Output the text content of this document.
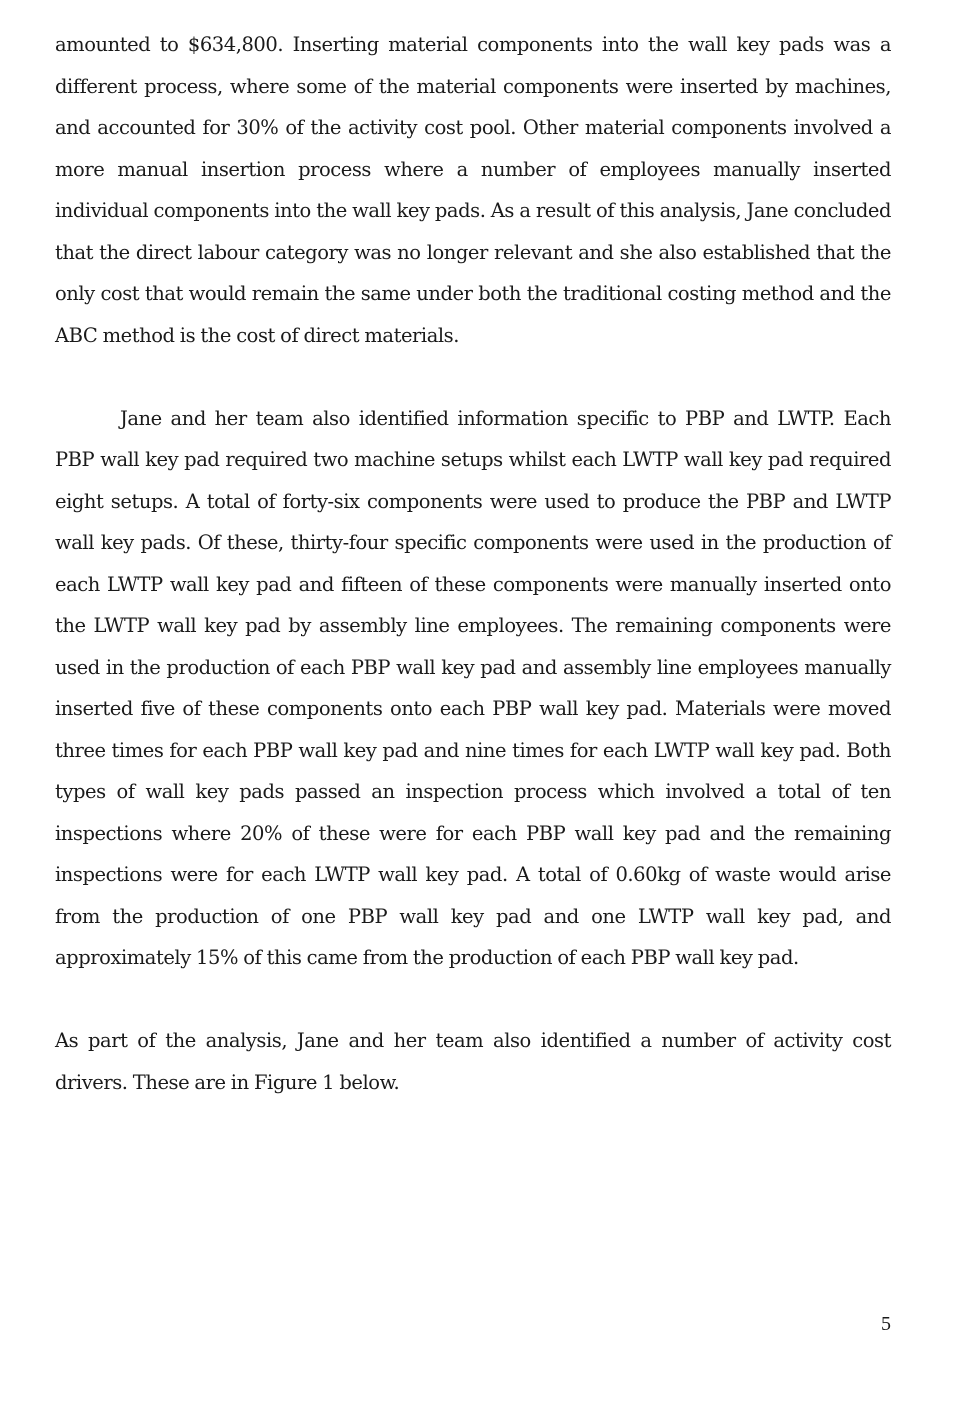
amounted to $634,800. Inserting material components into the wall key pads was a different process, where some of the material components were inserted by machines, and accounted for 30% of the activity cost pool. Other material components involved a more manual insertion process where a number of employees manually inserted individual components into the wall key pads. As a result of this analysis, Jane concluded that the direct labour category was no longer relevant and she also established that the only cost that would remain the same under both the traditional costing method and the ABC method is the cost of direct materials.

Jane and her team also identified information specific to PBP and LWTP. Each PBP wall key pad required two machine setups whilst each LWTP wall key pad required eight setups. A total of forty-six components were used to produce the PBP and LWTP wall key pads. Of these, thirty-four specific components were used in the production of each LWTP wall key pad and fifteen of these components were manually inserted onto the LWTP wall key pad by assembly line employees. The remaining components were used in the production of each PBP wall key pad and assembly line employees manually inserted five of these components onto each PBP wall key pad. Materials were moved three times for each PBP wall key pad and nine times for each LWTP wall key pad. Both types of wall key pads passed an inspection process which involved a total of ten inspections where 20% of these were for each PBP wall key pad and the remaining inspections were for each LWTP wall key pad. A total of 0.60kg of waste would arise from the production of one PBP wall key pad and one LWTP wall key pad, and approximately 15% of this came from the production of each PBP wall key pad.

As part of the analysis, Jane and her team also identified a number of activity cost drivers. These are in Figure 1 below.

5
